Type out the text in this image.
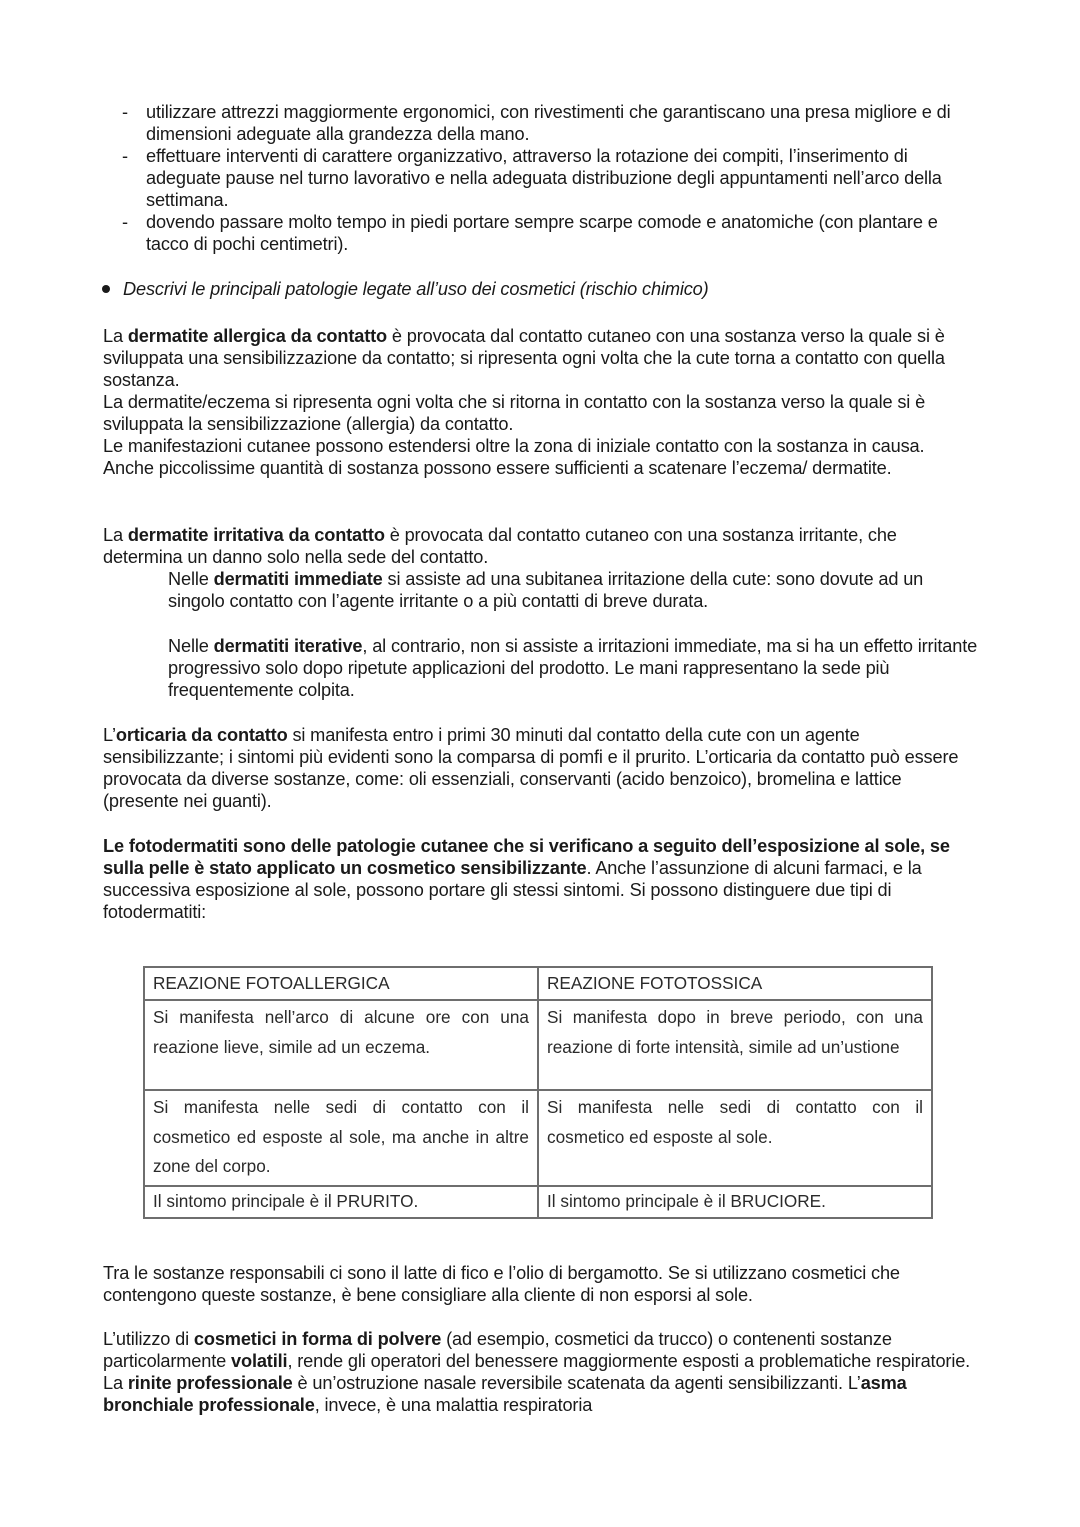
- utilizzare attrezzi maggiormente ergonomici, con rivestimenti che garantiscano una presa migliore e di dimensioni adeguate alla grandezza della mano.
- effettuare interventi di carattere organizzativo, attraverso la rotazione dei compiti, l’inserimento di adeguate pause nel turno lavorativo e nella adeguata distribuzione degli appuntamenti nell’arco della settimana.
- dovendo passare molto tempo in piedi portare sempre scarpe comode e anatomiche (con plantare e tacco di pochi centimetri).
Descrivi le principali patologie legate all’uso dei cosmetici (rischio chimico)

La dermatite allergica da contatto è provocata dal contatto cutaneo con una sostanza verso la quale si è sviluppata una sensibilizzazione da contatto; si ripresenta ogni volta che la cute torna a contatto con quella sostanza.
La dermatite/eczema si ripresenta ogni volta che si ritorna in contatto con la sostanza verso la quale si è sviluppata la sensibilizzazione (allergia) da contatto.
Le manifestazioni cutanee possono estendersi oltre la zona di iniziale contatto con la sostanza in causa. Anche piccolissime quantità di sostanza possono essere sufficienti a scatenare l’eczema/ dermatite.

La dermatite irritativa da contatto è provocata dal contatto cutaneo con una sostanza irritante, che determina un danno solo nella sede del contatto.

Nelle dermatiti immediate si assiste ad una subitanea irritazione della cute: sono dovute ad un singolo contatto con l’agente irritante o a più contatti di breve durata.

Nelle dermatiti iterative, al contrario, non si assiste a irritazioni immediate, ma si ha un effetto irritante progressivo solo dopo ripetute applicazioni del prodotto. Le mani rappresentano la sede più frequentemente colpita.

L’orticaria da contatto si manifesta entro i primi 30 minuti dal contatto della cute con un agente sensibilizzante; i sintomi più evidenti sono la comparsa di pomfi e il prurito. L’orticaria da contatto può essere provocata da diverse sostanze, come: oli essenziali, conservanti (acido benzoico), bromelina e lattice (presente nei guanti).

Le fotodermatiti sono delle patologie cutanee che si verificano a seguito dell’esposizione al sole, se sulla pelle è stato applicato un cosmetico sensibilizzante. Anche l’assunzione di alcuni farmaci, e la successiva esposizione al sole, possono portare gli stessi sintomi. Si possono distinguere due tipi di fotodermatiti:

REAZIONE FOTOALLERGICA	REAZIONE FOTOTOSSICA
Si manifesta nell’arco di alcune ore con una reazione lieve, simile ad un eczema.	Si manifesta dopo in breve periodo, con una reazione di forte intensità, simile ad un’ustione
Si manifesta nelle sedi di contatto con il cosmetico ed esposte al sole, ma anche in altre zone del corpo.	Si manifesta nelle sedi di contatto con il cosmetico ed esposte al sole.
Il sintomo principale è il PRURITO.	Il sintomo principale è il BRUCIORE.

Tra le sostanze responsabili ci sono il latte di fico e l’olio di bergamotto. Se si utilizzano cosmetici che contengono queste sostanze, è bene consigliare alla cliente di non esporsi al sole.

L’utilizzo di cosmetici in forma di polvere (ad esempio, cosmetici da trucco) o contenenti sostanze particolarmente volatili, rende gli operatori del benessere maggiormente esposti a problematiche respiratorie. La rinite professionale è un’ostruzione nasale reversibile scatenata da agenti sensibilizzanti. L’asma bronchiale professionale, invece, è una malattia respiratoria
